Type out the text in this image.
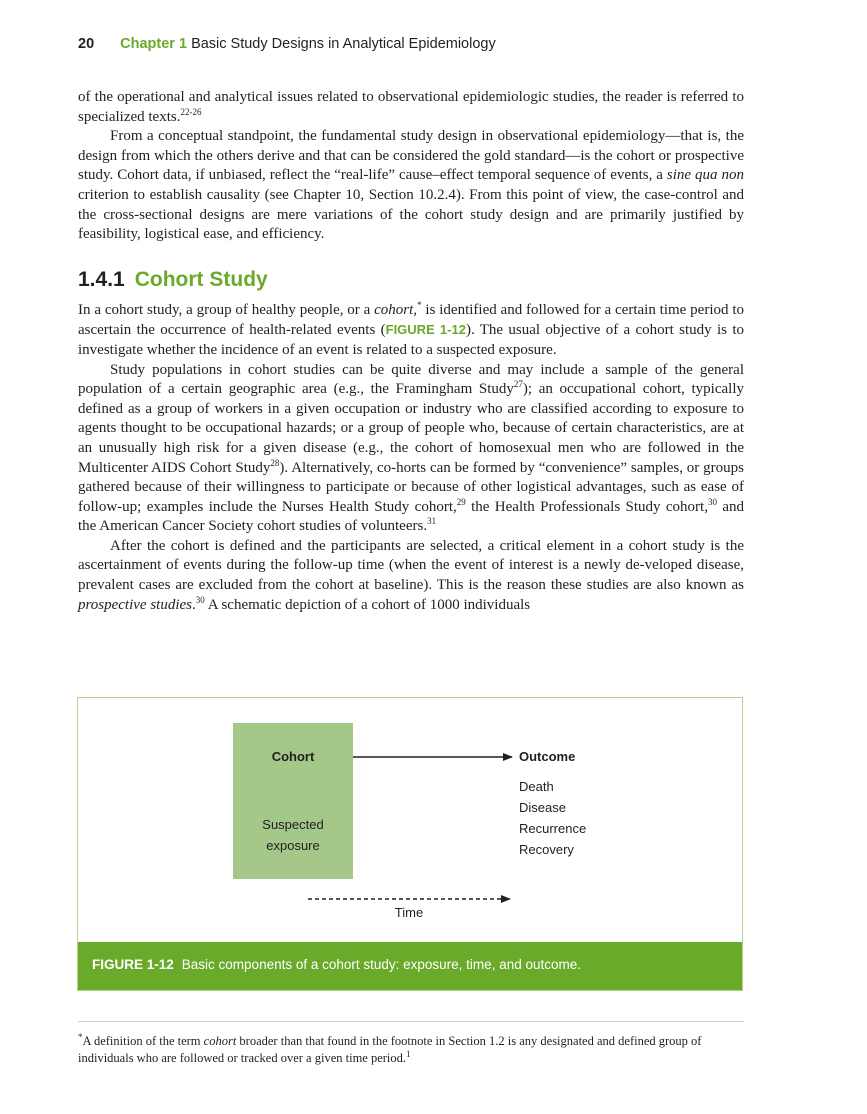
20 Chapter 1 Basic Study Designs in Analytical Epidemiology

of the operational and analytical issues related to observational epidemiologic studies, the reader is referred to specialized texts.$^{22-26}$

From a conceptual standpoint, the fundamental study design in observational epidemiology—that is, the design from which the others derive and that can be considered the gold standard—is the cohort or prospective study. Cohort data, if unbiased, reflect the “real-life” cause–effect temporal sequence of events, a sine qua non criterion to establish causality (see Chapter 10, Section 10.2.4). From this point of view, the case-control and the cross-sectional designs are mere variations of the cohort study design and are primarily justified by feasibility, logistical ease, and efficiency.

1.4.1 Cohort Study

In a cohort study, a group of healthy people, or a cohort,* is identified and followed for a certain time period to ascertain the occurrence of health-related events (FIGURE 1-12). The usual objective of a cohort study is to investigate whether the incidence of an event is related to a suspected exposure.

Study populations in cohort studies can be quite diverse and may include a sample of the general population of a certain geographic area (e.g., the Framingham Study$^{27}$); an occupational cohort, typically defined as a group of workers in a given occupation or industry who are classified according to exposure to agents thought to be occupational hazards; or a group of people who, because of certain characteristics, are at an unusually high risk for a given disease (e.g., the cohort of homosexual men who are followed in the Multicenter AIDS Cohort Study$^{28}$). Alternatively, co-horts can be formed by “convenience” samples, or groups gathered because of their willingness to participate or because of other logistical advantages, such as ease of follow-up; examples include the Nurses Health Study cohort,$^{29}$ the Health Professionals Study cohort,$^{30}$ and the American Cancer Society cohort studies of volunteers.$^{31}$

After the cohort is defined and the participants are selected, a critical element in a cohort study is the ascertainment of events during the follow-up time (when the event of interest is a newly de-veloped disease, prevalent cases are excluded from the cohort at baseline). This is the reason these studies are also known as prospective studies.$^{30}$ A schematic depiction of a cohort of 1000 individuals

Cohort
Suspected
exposure
Outcome
Death
Disease
Recurrence
Recovery
Time
FIGURE 1-12 Basic components of a cohort study: exposure, time, and outcome.
*A definition of the term cohort broader than that found in the footnote in Section 1.2 is any designated and defined group of individuals who are followed or tracked over a given time period.$^1$
